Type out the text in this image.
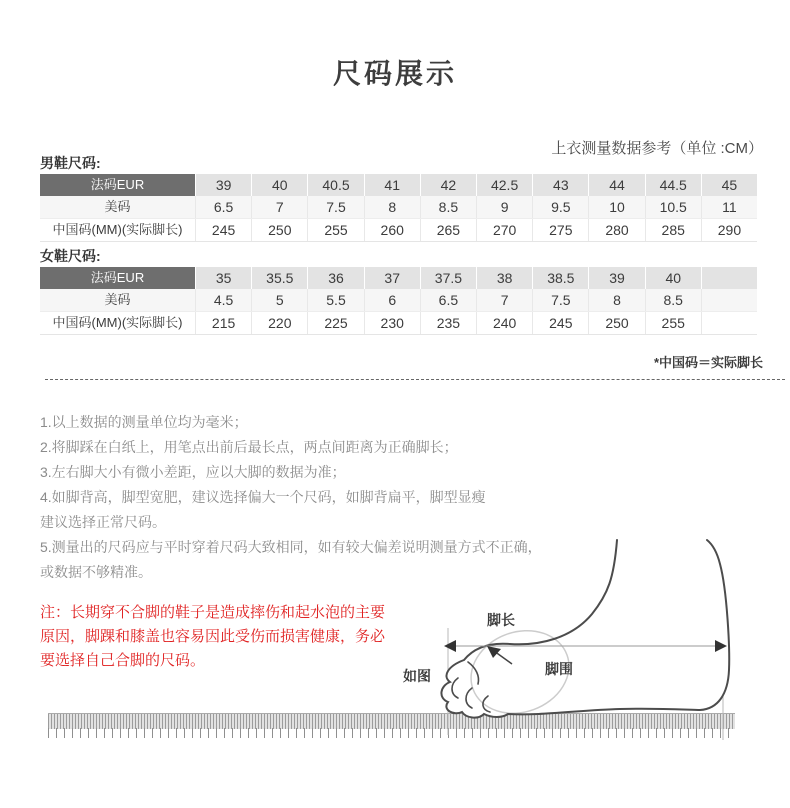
尺码展示
上衣测量数据参考（单位 :CM）
男鞋尺码:
法码EUR	39	40	40.5	41	42	42.5	43	44	44.5	45
美码	6.5	7	7.5	8	8.5	9	9.5	10	10.5	11
中国码(MM)(实际脚长)	245	250	255	260	265	270	275	280	285	290
女鞋尺码:
法码EUR	35	35.5	36	37	37.5	38	38.5	39	40
美码	4.5	5	5.5	6	6.5	7	7.5	8	8.5
中国码(MM)(实际脚长)	215	220	225	230	235	240	245	250	255
*中国码＝实际脚长
1.以上数据的测量单位均为毫米；
2.将脚踩在白纸上，用笔点出前后最长点，两点间距离为正确脚长；
3.左右脚大小有微小差距，应以大脚的数据为准；
4.如脚背高，脚型宽肥，建议选择偏大一个尺码，如脚背扁平，脚型显瘦
建议选择正常尺码。
5.测量出的尺码应与平时穿着尺码大致相同，如有较大偏差说明测量方式不正确，
或数据不够精准。
注：长期穿不合脚的鞋子是造成摔伤和起水泡的主要
原因，脚踝和膝盖也容易因此受伤而损害健康，务必
要选择自己合脚的尺码。
脚长
脚围
如图
